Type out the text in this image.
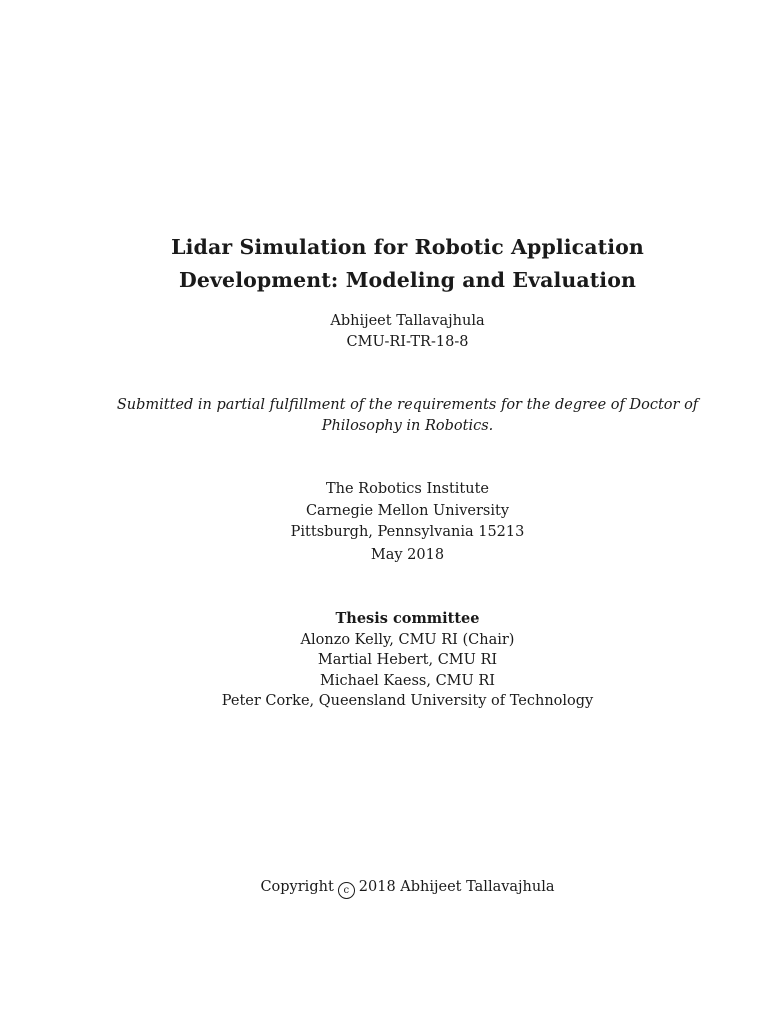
Lidar Simulation for Robotic Application
Development: Modeling and Evaluation
Abhijeet Tallavajhula
CMU-RI-TR-18-8
Submitted in partial fulfillment of the requirements for the degree of Doctor of
Philosophy in Robotics.
The Robotics Institute
Carnegie Mellon University
Pittsburgh, Pennsylvania 15213
May 2018
Thesis committee
Alonzo Kelly, CMU RI (Chair)
Martial Hebert, CMU RI
Michael Kaess, CMU RI
Peter Corke, Queensland University of Technology
Copyright c 2018 Abhijeet Tallavajhula
